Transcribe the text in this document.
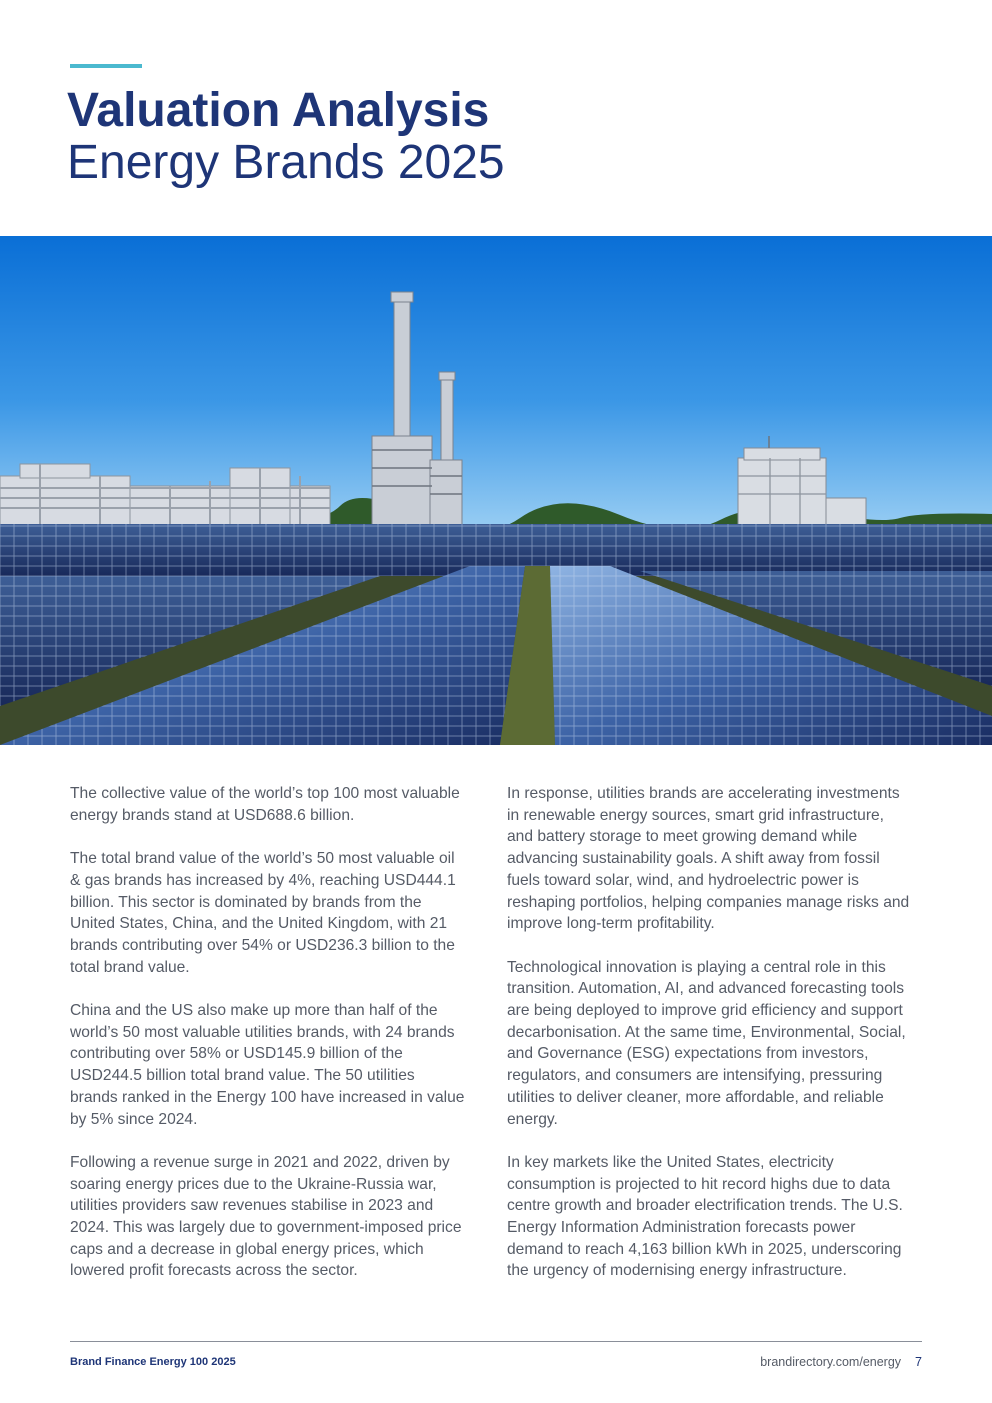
Valuation Analysis
Energy Brands 2025

The collective value of the world’s top 100 most valuable energy brands stand at USD688.6 billion.

The total brand value of the world’s 50 most valuable oil & gas brands has increased by 4%, reaching USD444.1 billion. This sector is dominated by brands from the United States, China, and the United Kingdom, with 21 brands contributing over 54% or USD236.3 billion to the total brand value.

China and the US also make up more than half of the world’s 50 most valuable utilities brands, with 24 brands contributing over 58% or USD145.9 billion of the USD244.5 billion total brand value. The 50 utilities brands ranked in the Energy 100 have increased in value by 5% since 2024.

Following a revenue surge in 2021 and 2022, driven by soaring energy prices due to the Ukraine-Russia war, utilities providers saw revenues stabilise in 2023 and 2024. This was largely due to government-imposed price caps and a decrease in global energy prices, which lowered profit forecasts across the sector.

In response, utilities brands are accelerating investments in renewable energy sources, smart grid infrastructure, and battery storage to meet growing demand while advancing sustainability goals. A shift away from fossil fuels toward solar, wind, and hydroelectric power is reshaping portfolios, helping companies manage risks and improve long-term profitability.

Technological innovation is playing a central role in this transition. Automation, AI, and advanced forecasting tools are being deployed to improve grid efficiency and support decarbonisation. At the same time, Environmental, Social, and Governance (ESG) expectations from investors, regulators, and consumers are intensifying, pressuring utilities to deliver cleaner, more affordable, and reliable energy.

In key markets like the United States, electricity consumption is projected to hit record highs due to data centre growth and broader electrification trends. The U.S. Energy Information Administration forecasts power demand to reach 4,163 billion kWh in 2025, underscoring the urgency of modernising energy infrastructure.

Brand Finance Energy 100 2025	brandirectory.com/energy 7
